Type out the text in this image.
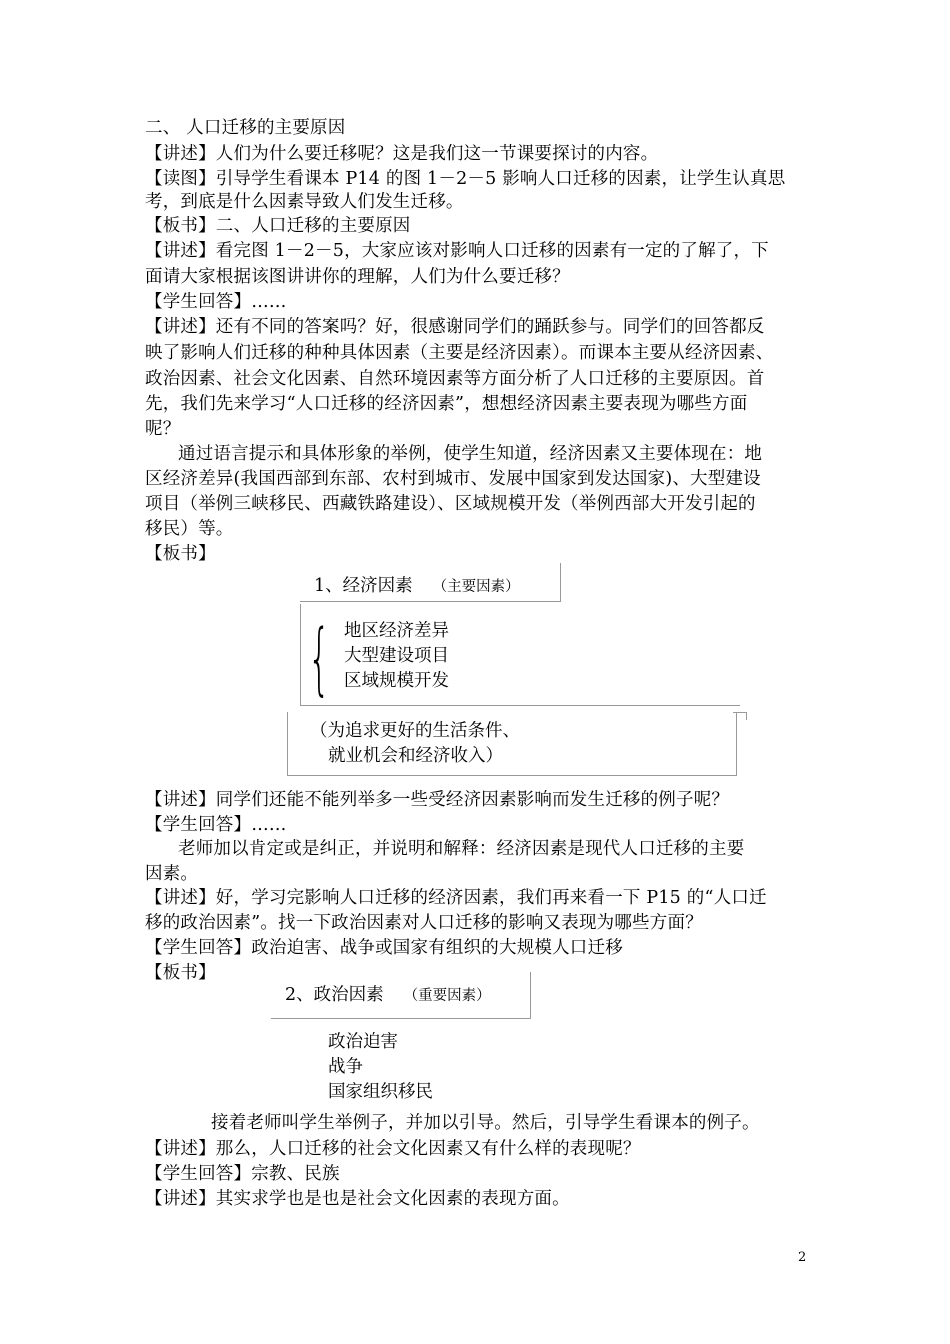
二、 人口迁移的主要原因
【讲述】人们为什么要迁移呢？这是我们这一节课要探讨的内容。
【读图】引导学生看课本 P14 的图 1－2－5 影响人口迁移的因素，让学生认真思
考，到底是什么因素导致人们发生迁移。
【板书】二、人口迁移的主要原因
【讲述】看完图 1－2－5，大家应该对影响人口迁移的因素有一定的了解了，下
面请大家根据该图讲讲你的理解，人们为什么要迁移？
【学生回答】……
【讲述】还有不同的答案吗？好，很感谢同学们的踊跃参与。同学们的回答都反
映了影响人们迁移的种种具体因素（主要是经济因素）。而课本主要从经济因素、
政治因素、社会文化因素、自然环境因素等方面分析了人口迁移的主要原因。首
先，我们先来学习“人口迁移的经济因素”，想想经济因素主要表现为哪些方面
呢？
通过语言提示和具体形象的举例，使学生知道，经济因素又主要体现在：地
区经济差异(我国西部到东部、农村到城市、发展中国家到发达国家)、大型建设
项目（举例三峡移民、西藏铁路建设）、区域规模开发（举例西部大开发引起的
移民）等。
【板书】
1、经济因素 （主要因素）
{ 地区经济差异
大型建设项目
区域规模开发
（为追求更好的生活条件、
就业机会和经济收入）
【讲述】同学们还能不能列举多一些受经济因素影响而发生迁移的例子呢？
【学生回答】……
老师加以肯定或是纠正，并说明和解释：经济因素是现代人口迁移的主要
因素。
【讲述】好，学习完影响人口迁移的经济因素，我们再来看一下 P15 的“人口迁
移的政治因素”。找一下政治因素对人口迁移的影响又表现为哪些方面？
【学生回答】政治迫害、战争或国家有组织的大规模人口迁移
【板书】
2、政治因素 （重要因素）
政治迫害
战争
国家组织移民
接着老师叫学生举例子，并加以引导。然后，引导学生看课本的例子。
【讲述】那么，人口迁移的社会文化因素又有什么样的表现呢？
【学生回答】宗教、民族
【讲述】其实求学也是也是社会文化因素的表现方面。
2
